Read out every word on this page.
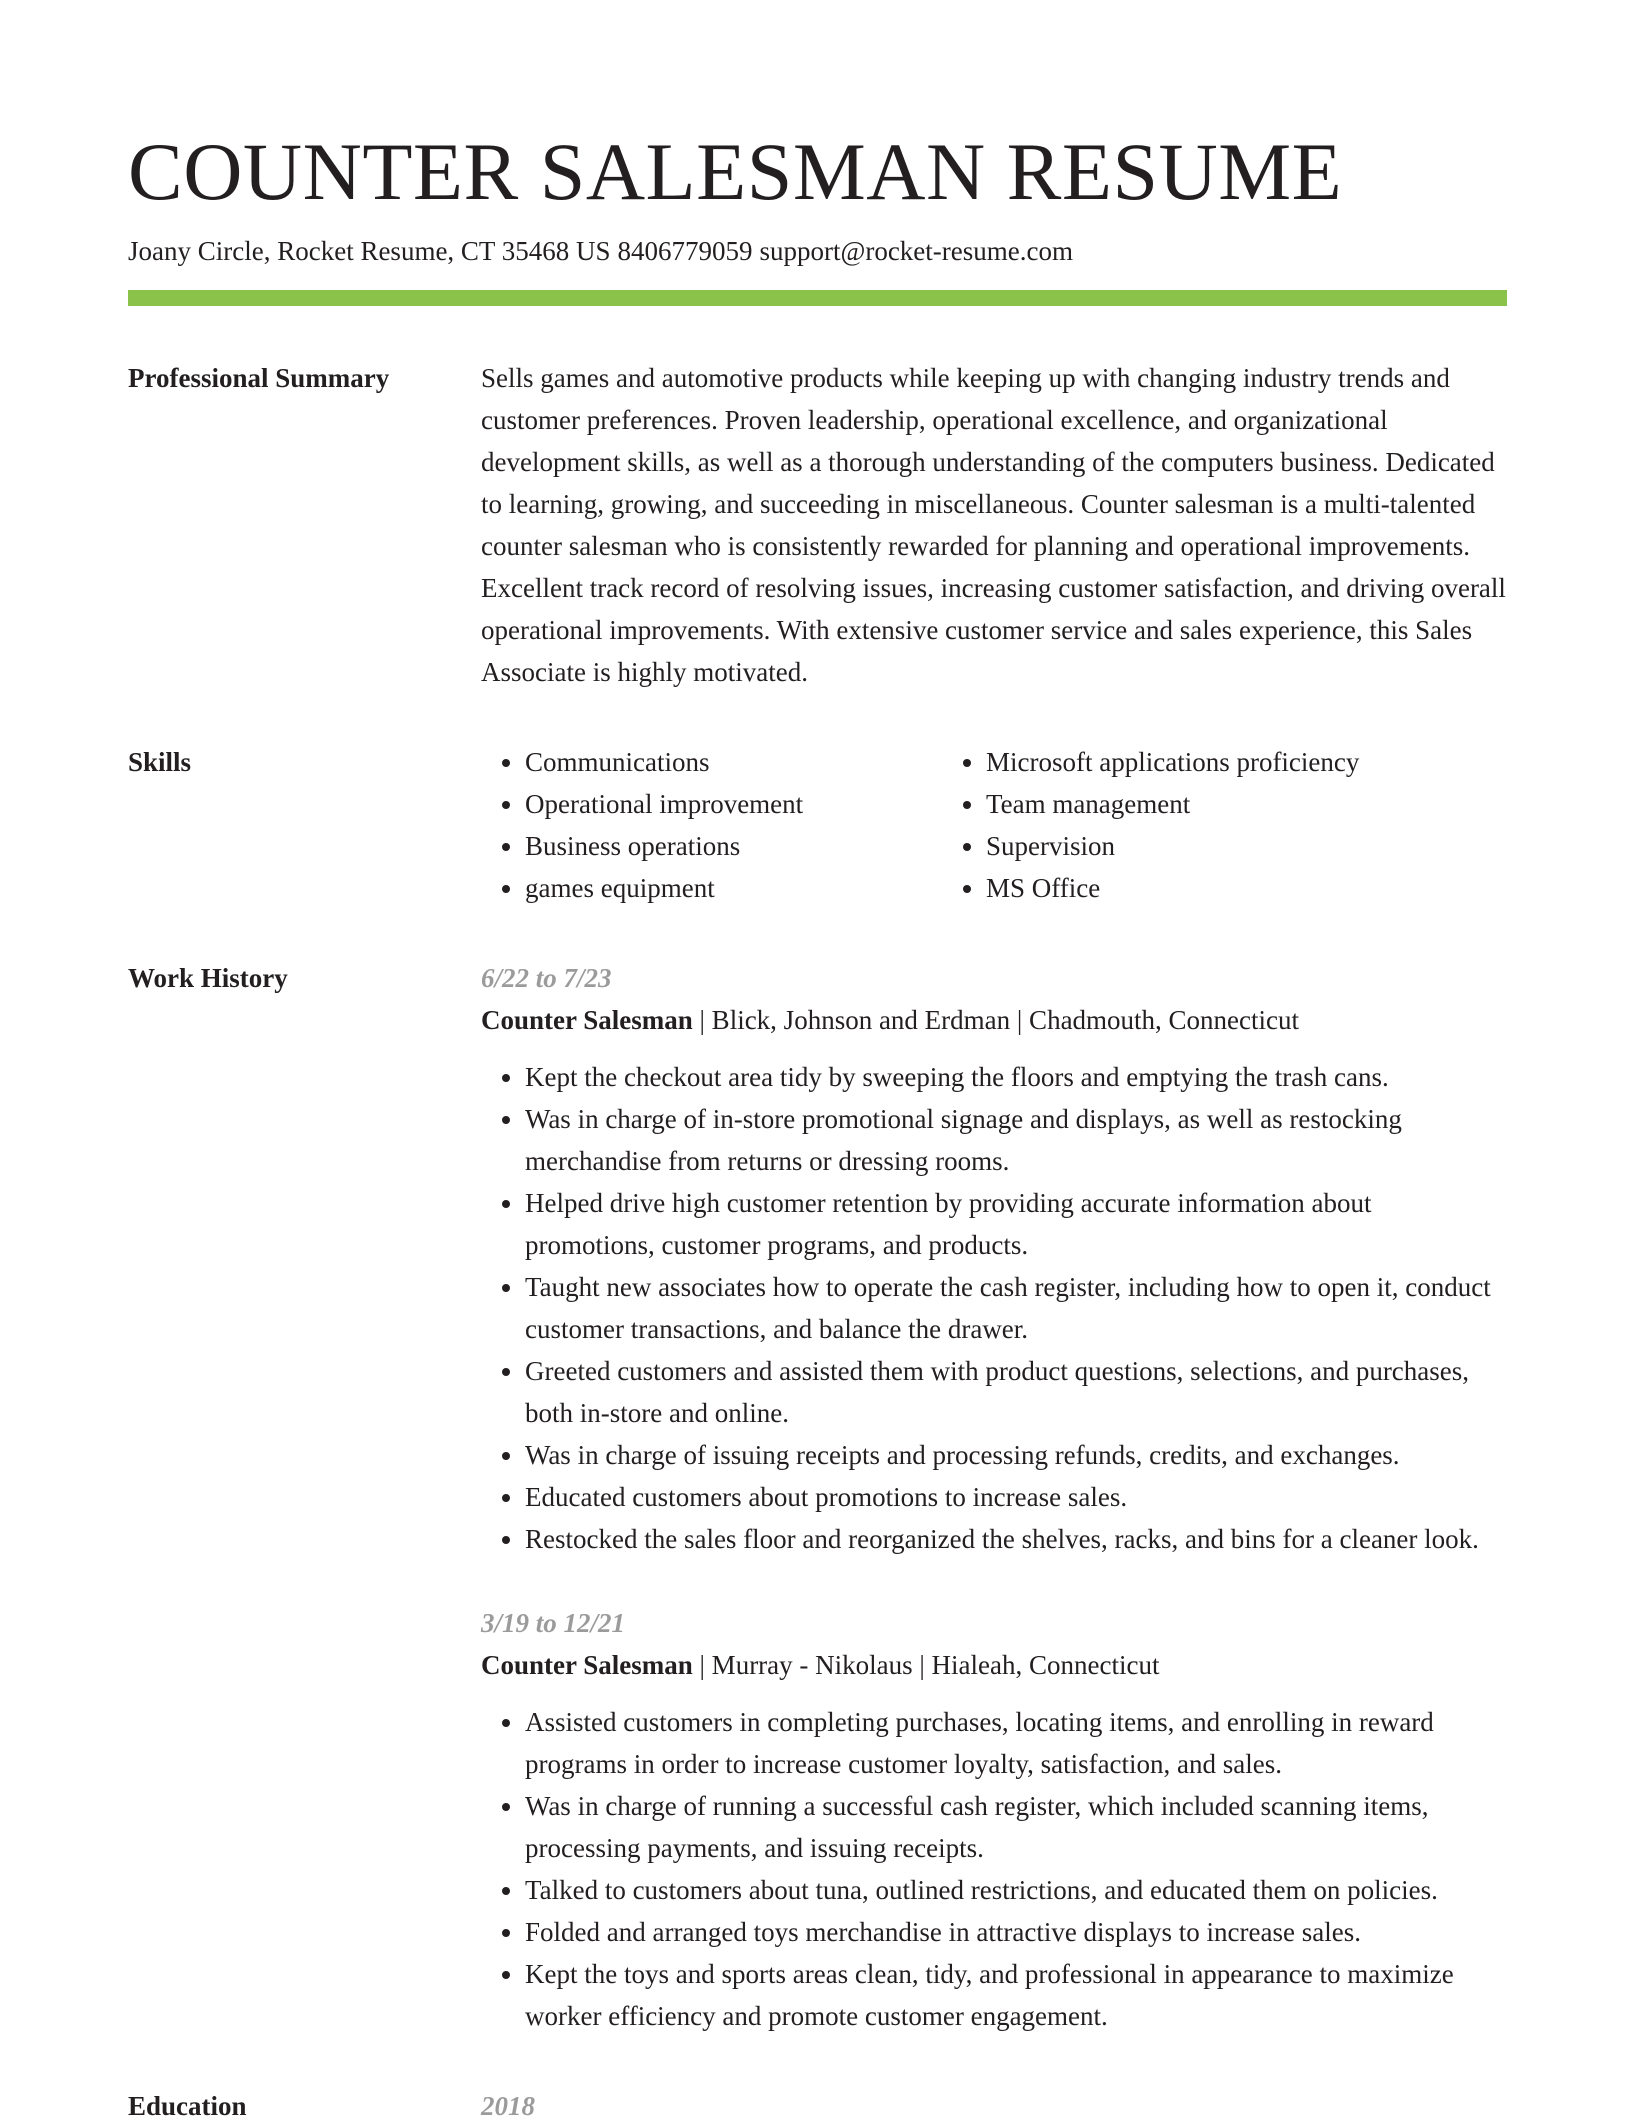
COUNTER SALESMAN RESUME
Joany Circle, Rocket Resume, CT 35468 US 8406779059 support@rocket-resume.com
Professional Summary	Sells games and automotive products while keeping up with changing industry trends and customer preferences. Proven leadership, operational excellence, and organizational development skills, as well as a thorough understanding of the computers business. Dedicated to learning, growing, and succeeding in miscellaneous. Counter salesman is a multi-talented counter salesman who is consistently rewarded for planning and operational improvements. Excellent track record of resolving issues, increasing customer satisfaction, and driving overall operational improvements. With extensive customer service and sales experience, this Sales Associate is highly motivated.

Skills
•	Communications
• Operational improvement
• Business operations
• games equipment
• Microsoft applications proficiency
• Team management
• Supervision
• MS Office
Work History	6/22 to 7/23
Counter Salesman | Blick, Johnson and Erdman | Chadmouth, Connecticut
• Kept the checkout area tidy by sweeping the floors and emptying the trash cans.
• Was in charge of in-store promotional signage and displays, as well as restocking merchandise from returns or dressing rooms.
• Helped drive high customer retention by providing accurate information about promotions, customer programs, and products.
• Taught new associates how to operate the cash register, including how to open it, conduct customer transactions, and balance the drawer.
• Greeted customers and assisted them with product questions, selections, and purchases, both in-store and online.
• Was in charge of issuing receipts and processing refunds, credits, and exchanges.
• Educated customers about promotions to increase sales.
• Restocked the sales floor and reorganized the shelves, racks, and bins for a cleaner look.
3/19 to 12/21
Counter Salesman | Murray - Nikolaus | Hialeah, Connecticut
• Assisted customers in completing purchases, locating items, and enrolling in reward programs in order to increase customer loyalty, satisfaction, and sales.
• Was in charge of running a successful cash register, which included scanning items, processing payments, and issuing receipts.
• Talked to customers about tuna, outlined restrictions, and educated them on policies.
• Folded and arranged toys merchandise in attractive displays to increase sales.
• Kept the toys and sports areas clean, tidy, and professional in appearance to maximize worker efficiency and promote customer engagement.
Education	2018
